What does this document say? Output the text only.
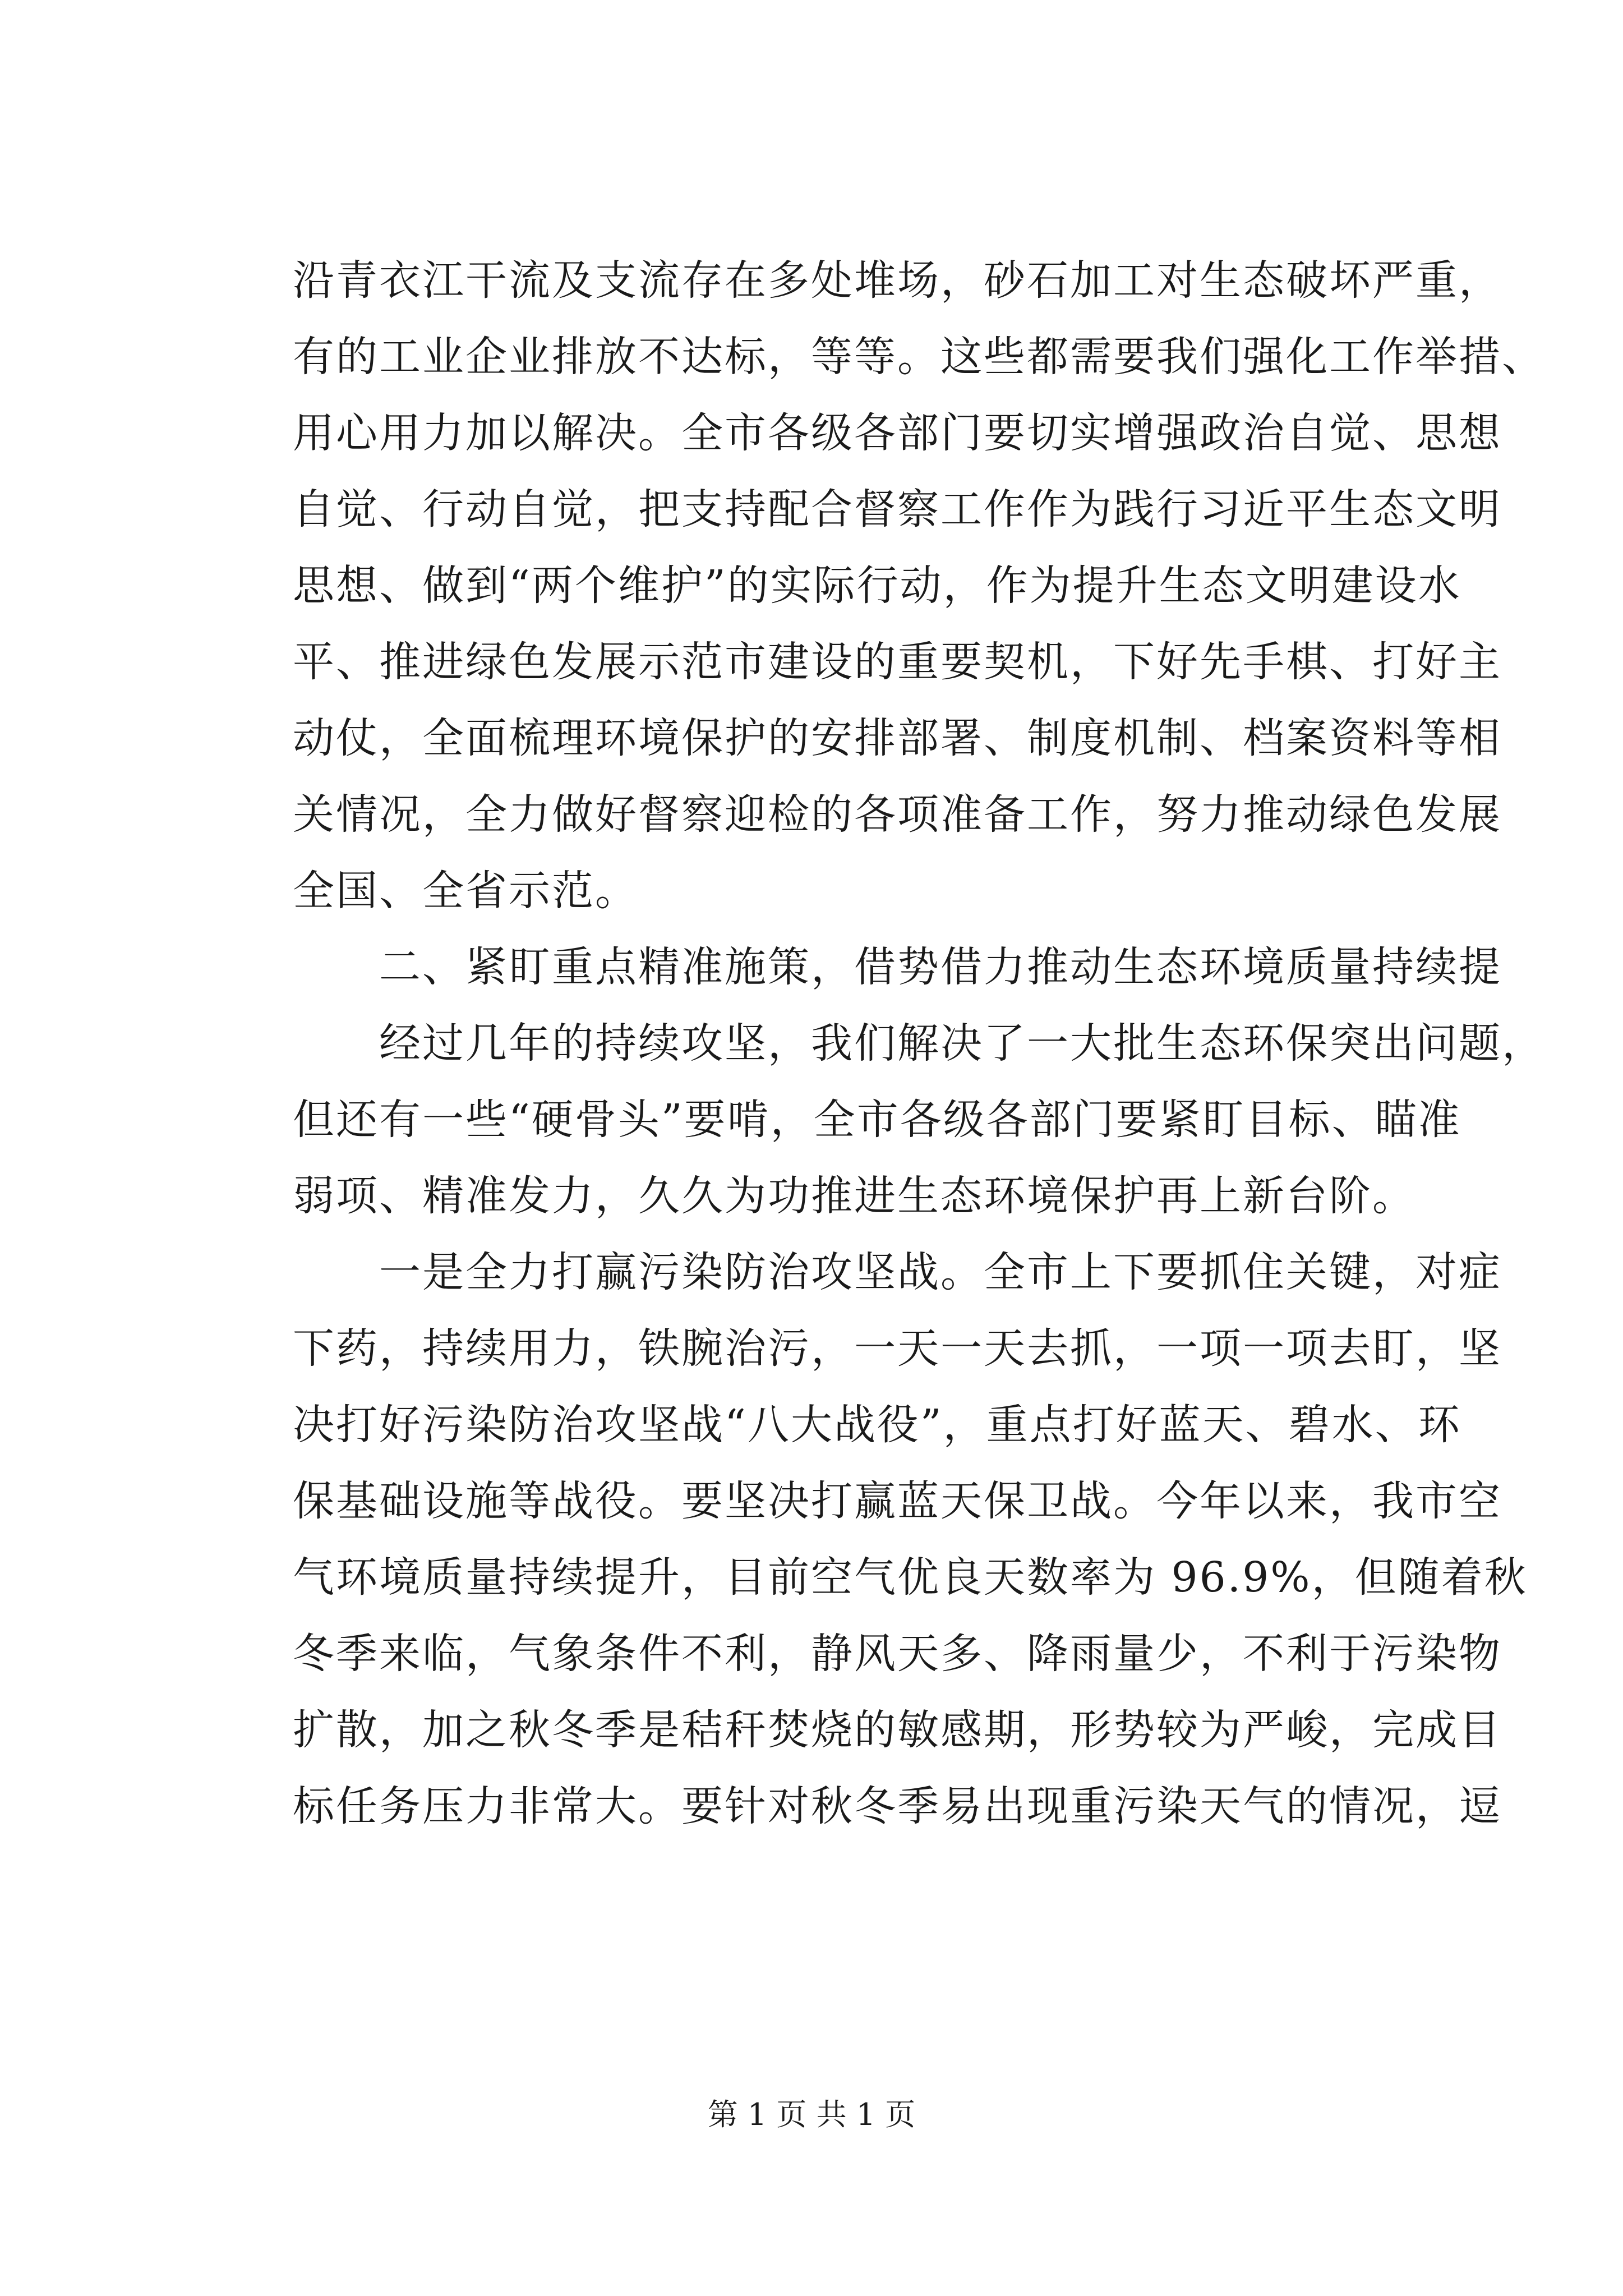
沿青衣江干流及支流存在多处堆场，砂石加工对生态破坏严重，
有的工业企业排放不达标，等等。这些都需要我们强化工作举措、
用心用力加以解决。全市各级各部门要切实增强政治自觉、思想
自觉、行动自觉，把支持配合督察工作作为践行习近平生态文明
思想、做到“两个维护”的实际行动，作为提升生态文明建设水
平、推进绿色发展示范市建设的重要契机，下好先手棋、打好主
动仗，全面梳理环境保护的安排部署、制度机制、档案资料等相
关情况，全力做好督察迎检的各项准备工作，努力推动绿色发展
全国、全省示范。
二、紧盯重点精准施策，借势借力推动生态环境质量持续提
经过几年的持续攻坚，我们解决了一大批生态环保突出问题，
但还有一些“硬骨头”要啃，全市各级各部门要紧盯目标、瞄准
弱项、精准发力，久久为功推进生态环境保护再上新台阶。
一是全力打赢污染防治攻坚战。全市上下要抓住关键，对症
下药，持续用力，铁腕治污，一天一天去抓，一项一项去盯，坚
决打好污染防治攻坚战“八大战役”，重点打好蓝天、碧水、环
保基础设施等战役。要坚决打赢蓝天保卫战。今年以来，我市空
气环境质量持续提升，目前空气优良天数率为 96.9%，但随着秋
冬季来临，气象条件不利，静风天多、降雨量少，不利于污染物
扩散，加之秋冬季是秸秆焚烧的敏感期，形势较为严峻，完成目
标任务压力非常大。要针对秋冬季易出现重污染天气的情况，逗
第 1 页 共 1 页
